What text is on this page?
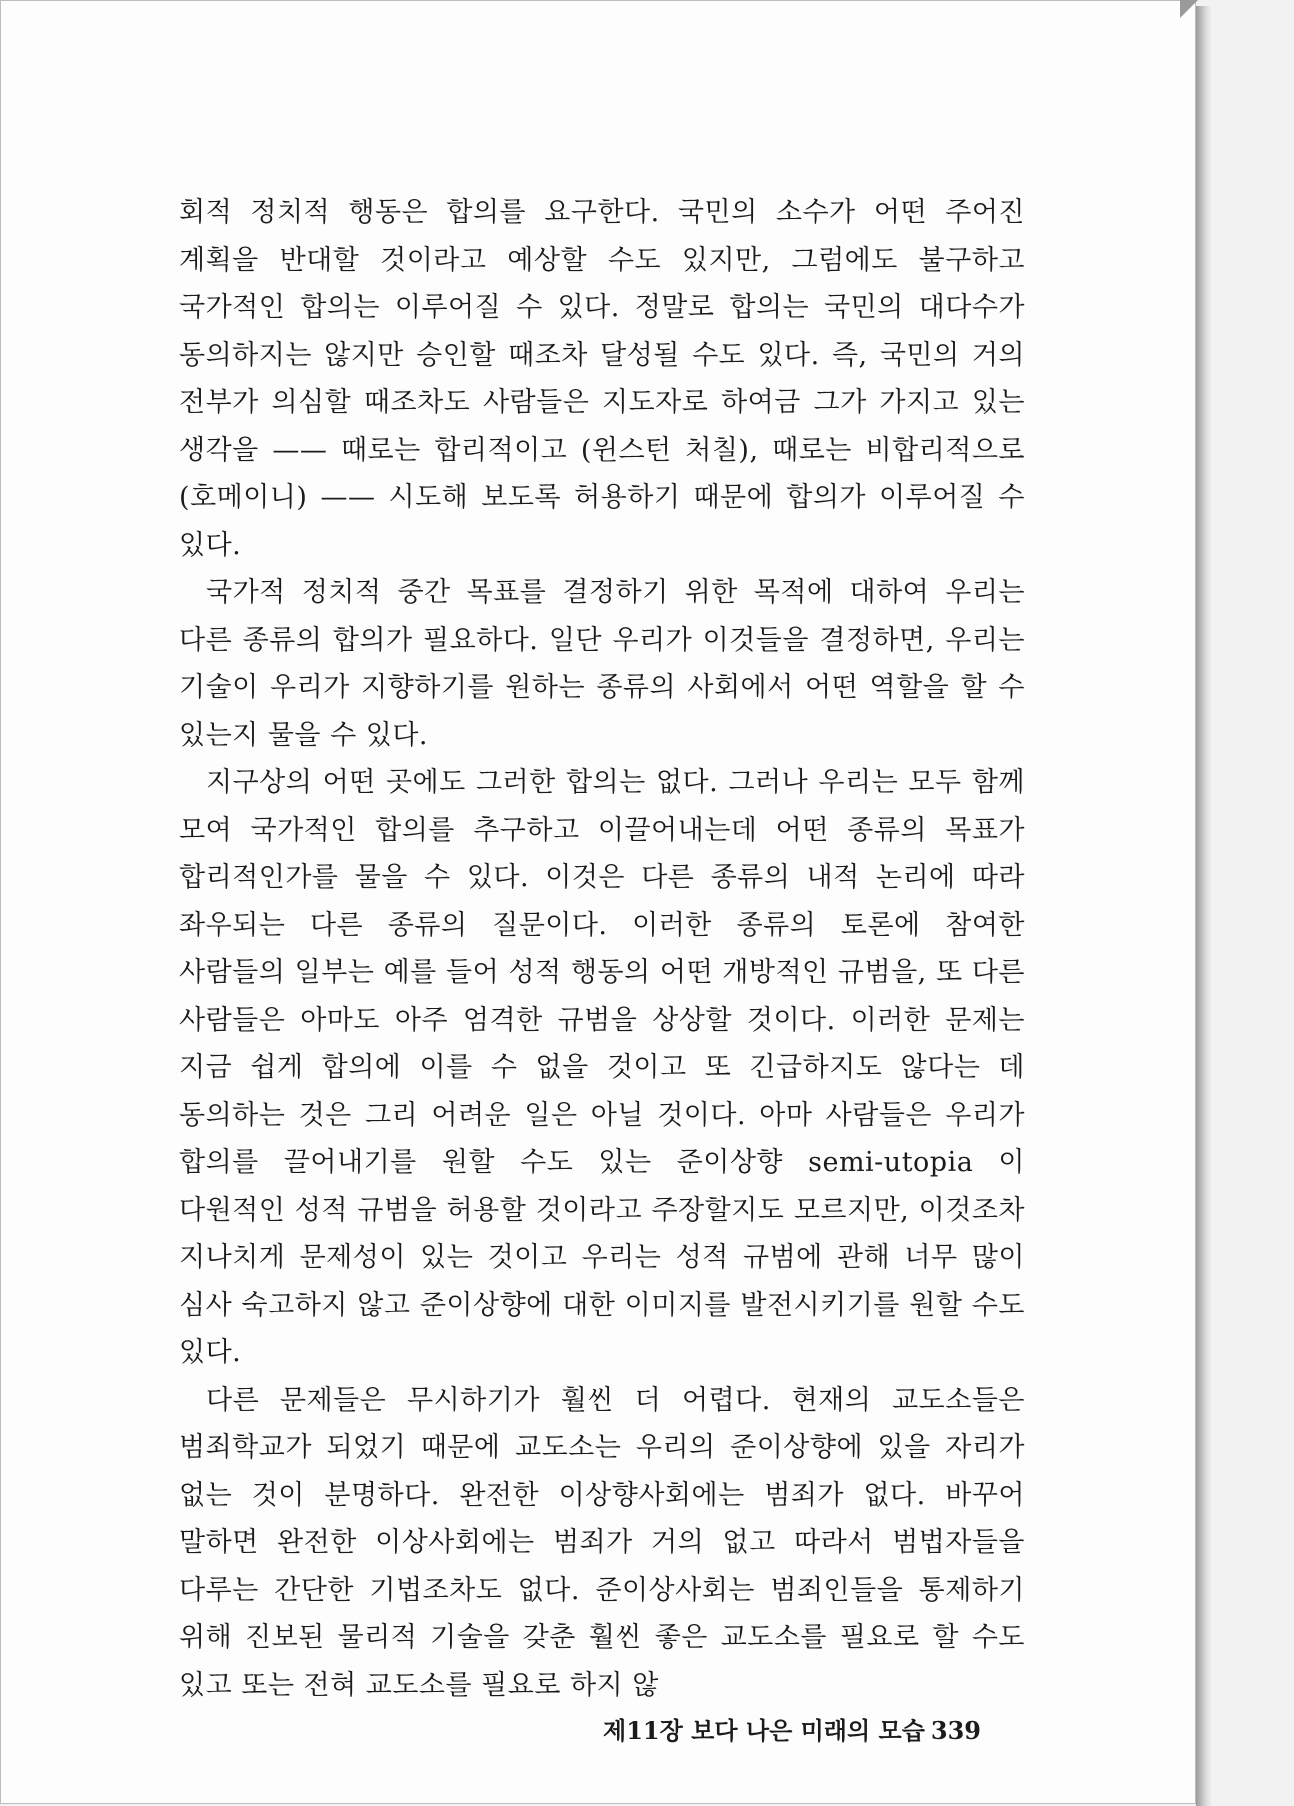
회적 정치적 행동은 합의를 요구한다. 국민의 소수가 어떤 주어진 계획을 반대할 것이라고 예상할 수도 있지만, 그럼에도 불구하고 국가적인 합의는 이루어질 수 있다. 정말로 합의는 국민의 대다수가 동의하지는 않지만 승인할 때조차 달성될 수도 있다. 즉, 국민의 거의 전부가 의심할 때조차도 사람들은 지도자로 하여금 그가 가지고 있는 생각을 —— 때로는 합리적이고 (윈스턴 처칠), 때로는 비합리적으로(호메이니) —— 시도해 보도록 허용하기 때문에 합의가 이루어질 수 있다.

국가적 정치적 중간 목표를 결정하기 위한 목적에 대하여 우리는 다른 종류의 합의가 필요하다. 일단 우리가 이것들을 결정하면, 우리는 기술이 우리가 지향하기를 원하는 종류의 사회에서 어떤 역할을 할 수 있는지 물을 수 있다.

지구상의 어떤 곳에도 그러한 합의는 없다. 그러나 우리는 모두 함께 모여 국가적인 합의를 추구하고 이끌어내는데 어떤 종류의 목표가 합리적인가를 물을 수 있다. 이것은 다른 종류의 내적 논리에 따라 좌우되는 다른 종류의 질문이다. 이러한 종류의 토론에 참여한 사람들의 일부는 예를 들어 성적 행동의 어떤 개방적인 규범을, 또 다른 사람들은 아마도 아주 엄격한 규범을 상상할 것이다. 이러한 문제는 지금 쉽게 합의에 이를 수 없을 것이고 또 긴급하지도 않다는 데 동의하는 것은 그리 어려운 일은 아닐 것이다. 아마 사람들은 우리가 합의를 끌어내기를 원할 수도 있는 준이상향 semi-utopia 이 다원적인 성적 규범을 허용할 것이라고 주장할지도 모르지만, 이것조차 지나치게 문제성이 있는 것이고 우리는 성적 규범에 관해 너무 많이 심사 숙고하지 않고 준이상향에 대한 이미지를 발전시키기를 원할 수도 있다.

다른 문제들은 무시하기가 훨씬 더 어렵다. 현재의 교도소들은 범죄학교가 되었기 때문에 교도소는 우리의 준이상향에 있을 자리가 없는 것이 분명하다. 완전한 이상향사회에는 범죄가 없다. 바꾸어 말하면 완전한 이상사회에는 범죄가 거의 없고 따라서 범법자들을 다루는 간단한 기법조차도 없다. 준이상사회는 범죄인들을 통제하기 위해 진보된 물리적 기술을 갖춘 훨씬 좋은 교도소를 필요로 할 수도 있고 또는 전혀 교도소를 필요로 하지 않

제11장 보다 나은 미래의 모습 339
